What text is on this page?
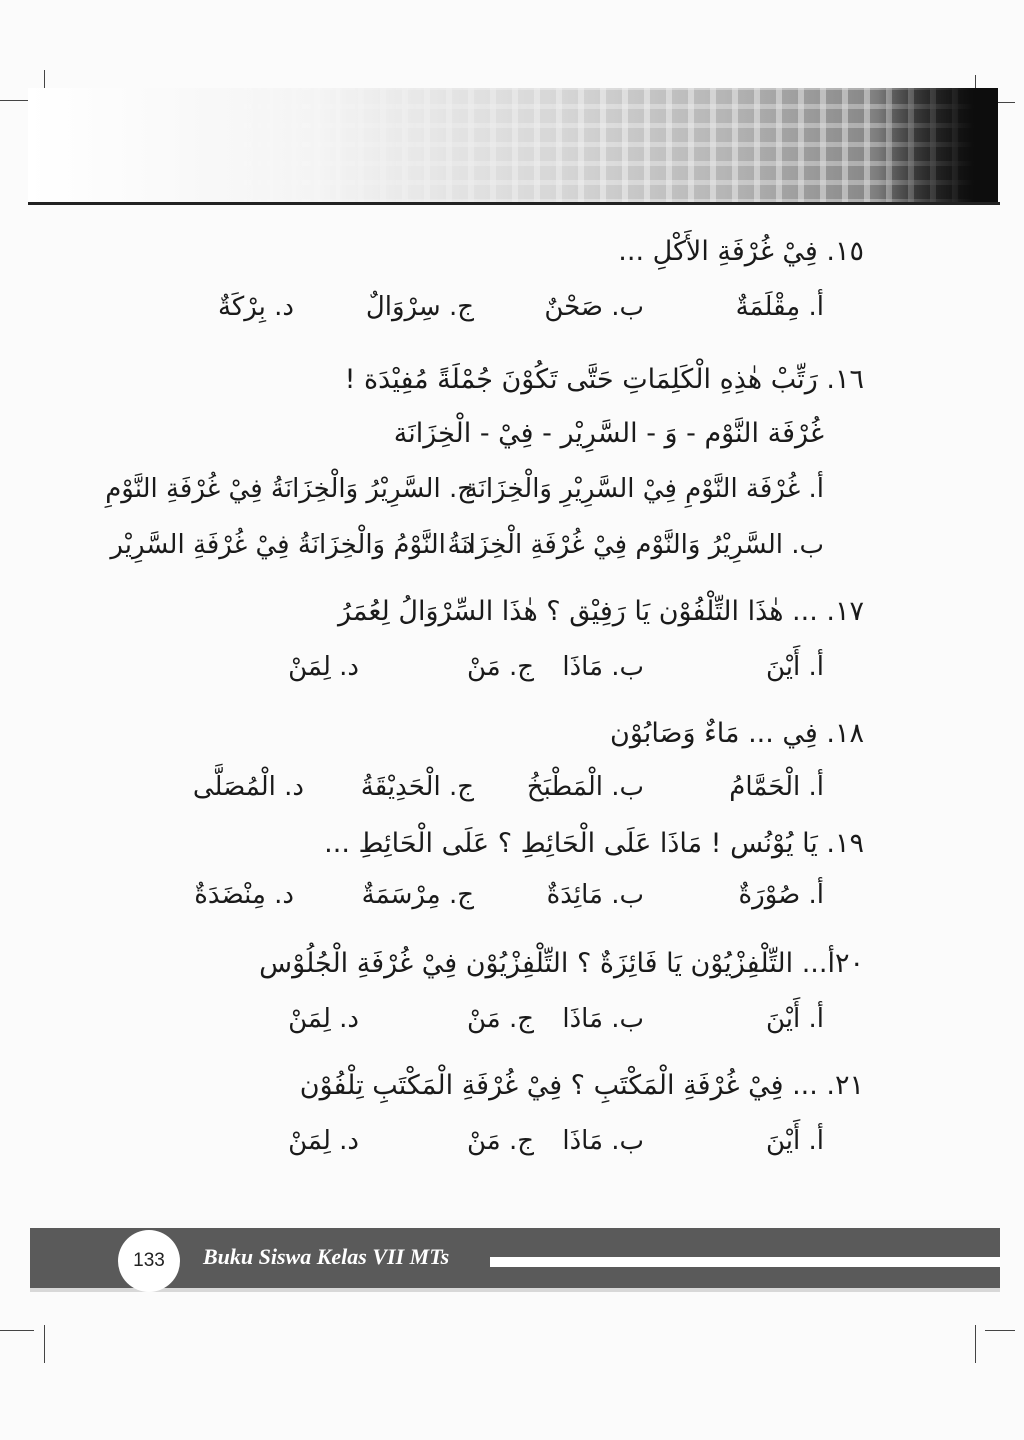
١٥. فِيْ غُرْفَةِ الأَكْلِ ...
أ. مِقْلَمَةٌ
ب. صَحْنٌ
ج. سِرْوَالٌ
د. بِرْكَةٌ
١٦. رَتِّبْ هٰذِهِ الْكَلِمَاتِ حَتَّى تَكُوْنَ جُمْلَةً مُفِيْدَة !
غُرْفَة النَّوْم - وَ - السَّرِيْر - فِيْ - الْخِزَانَة
أ. غُرْفَة النَّوْمِ فِيْ السَّرِيْرِ وَالْخِزَانَة
ج. السَّرِيْرُ وَالْخِزَانَةُ فِيْ غُرْفَةِ النَّوْمِ
ب. السَّرِيْرُ وَالنَّوْم فِيْ غُرْفَةِ الْخِزَانَةُ
د. النَّوْمُ وَالْخِزَانَةُ فِيْ غُرْفَةِ السَّرِيْر
١٧. ... هٰذَا التِّلْفُوْن يَا رَفِيْق ؟ هٰذَا السِّرْوَالُ لِعُمَرُ
أ. أَيْنَ
ب. مَاذَا
ج. مَنْ
د. لِمَنْ
١٨. فِي ... مَاءٌ وَصَابُوْن
أ. الْحَمَّامُ
ب. الْمَطْبَخُ
ج. الْحَدِيْقَةُ
د. الْمُصَلَّى
١٩. يَا يُوْنُس ! مَاذَا عَلَى الْحَائِطِ ؟ عَلَى الْحَائِطِ ...
أ. صُوْرَةٌ
ب. مَائِدَةٌ
ج. مِرْسَمَةٌ
د. مِنْضَدَةٌ
٢٠أ... التِّلْفِزْيُوْن يَا فَائِزَةٌ ؟ التِّلْفِزْيُوْن فِيْ غُرْفَةِ الْجُلُوْس
أ. أَيْنَ
ب. مَاذَا
ج. مَنْ
د. لِمَنْ
٢١. ... فِيْ غُرْفَةِ الْمَكْتَبِ ؟ فِيْ غُرْفَةِ الْمَكْتَبِ تِلْفُوْن
أ. أَيْنَ
ب. مَاذَا
ج. مَنْ
د. لِمَنْ
133	Buku Siswa Kelas VII MTs
